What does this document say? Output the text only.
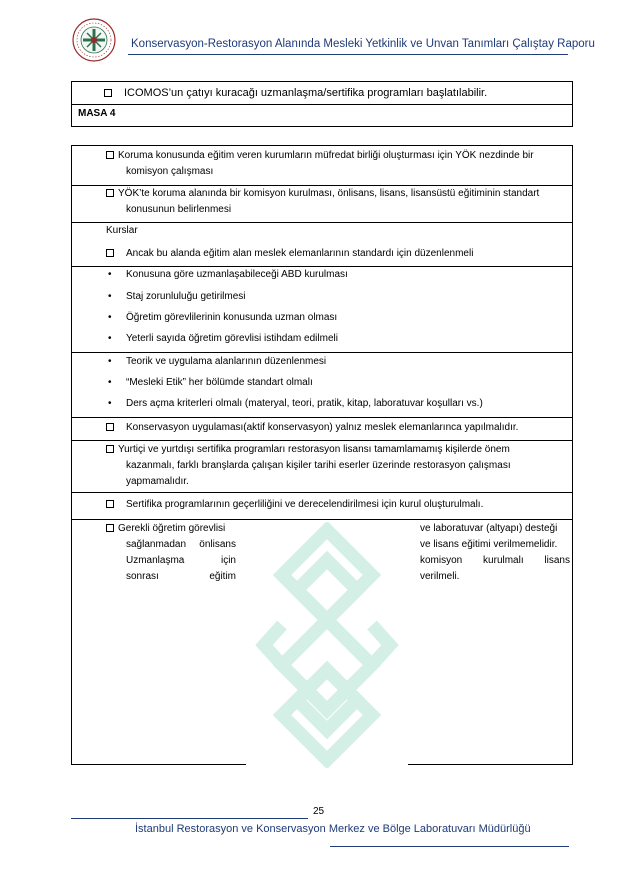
Konservasyon-Restorasyon Alanında Mesleki Yetkinlik ve Unvan Tanımları Çalıştay Raporu
ICOMOS’un çatıyı kuracağı uzmanlaşma/sertifika programları başlatılabilir.
MASA 4
Koruma konusunda eğitim veren kurumların müfredat birliği oluşturması için YÖK nezdinde bir
komisyon çalışması
YÖK’te koruma alanında bir komisyon kurulması, önlisans, lisans, lisansüstü eğitiminin standart
konusunun belirlenmesi
Kurslar
Ancak bu alanda eğitim alan meslek elemanlarının standardı için düzenlenmeli
• Konusuna göre uzmanlaşabileceği ABD kurulması
• Staj zorunluluğu getirilmesi
• Öğretim görevlilerinin konusunda uzman olması
• Yeterli sayıda öğretim görevlisi istihdam edilmeli
• Teorik ve uygulama alanlarının düzenlenmesi
• “Mesleki Etik” her bölümde standart olmalı
• Ders açma kriterleri olmalı (materyal, teori, pratik, kitap, laboratuvar koşulları vs.)
Konservasyon uygulaması(aktif konservasyon) yalnız meslek elemanlarınca yapılmalıdır.
Yurtiçi ve yurtdışı sertifika programları restorasyon lisansı tamamlamamış kişilerde önem
kazanmalı, farklı branşlarda çalışan kişiler tarihi eserler üzerinde restorasyon çalışması
yapmamalıdır.
Sertifika programlarının geçerliliğini ve derecelendirilmesi için kurul oluşturulmalı.
Gerekli öğretim görevlisi
sağlanmadan önlisans
Uzmanlaşma için
sonrası eğitim
ve laboratuvar (altyapı) desteği
ve lisans eğitimi verilmemelidir.
komisyon kurulmalı lisans
verilmeli.
25
İstanbul Restorasyon ve Konservasyon Merkez ve Bölge Laboratuvarı Müdürlüğü
